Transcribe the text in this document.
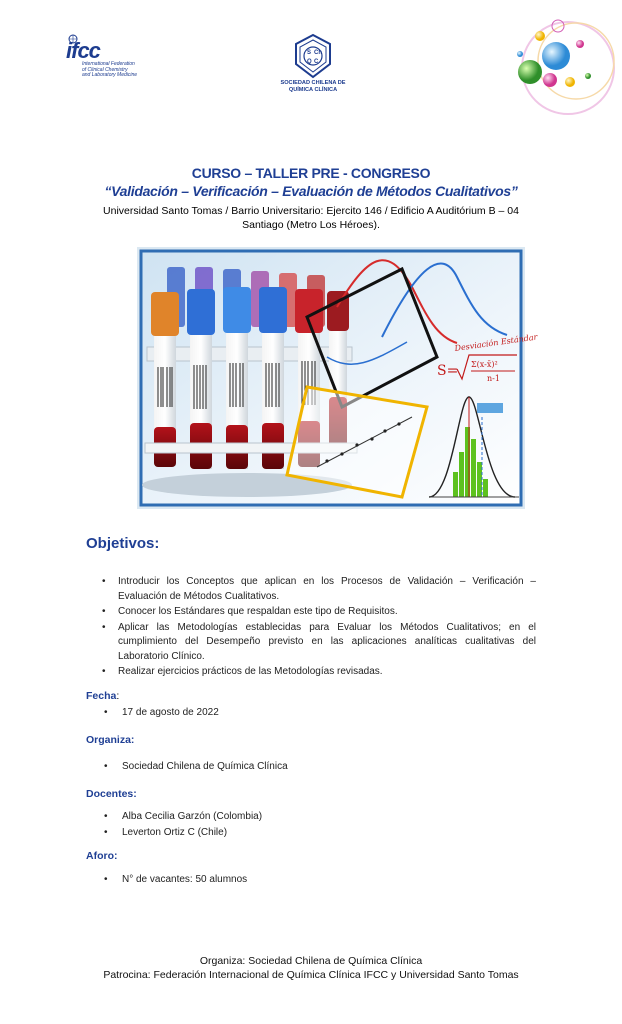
ifcc
International Federation
of Clinical Chemistry
and Laboratory Medicine
S Ch
Q C
SOCIEDAD CHILENA DE
QUÍMICA CLÍNICA
CURSO – TALLER PRE - CONGRESO
“Validación – Verificación – Evaluación de Métodos Cualitativos”
Universidad Santo Tomas / Barrio Universitario: Ejercito 146 / Edificio A Auditórium B – 04
Santiago (Metro Los Héroes).
Desviación Estándar
S= Σ(x-x̄)²
n-1
Objetivos:
• Introducir los Conceptos que aplican en los Procesos de Validación – Verificación – Evaluación de Métodos Cualitativos.
• Conocer los Estándares que respaldan este tipo de Requisitos.
• Aplicar las Metodologías establecidas para Evaluar los Métodos Cualitativos; en el cumplimiento del Desempeño previsto en las aplicaciones analíticas cualitativas del Laboratorio Clínico.
• Realizar ejercicios prácticos de las Metodologías revisadas.
Fecha:
• 17 de agosto de 2022
Organiza:
• Sociedad Chilena de Química Clínica
Docentes:
• Alba Cecilia Garzón (Colombia)
• Leverton Ortiz C (Chile)
Aforo:
• N° de vacantes: 50 alumnos
Organiza: Sociedad Chilena de Química Clínica
Patrocina: Federación Internacional de Química Clínica IFCC y Universidad Santo Tomas
